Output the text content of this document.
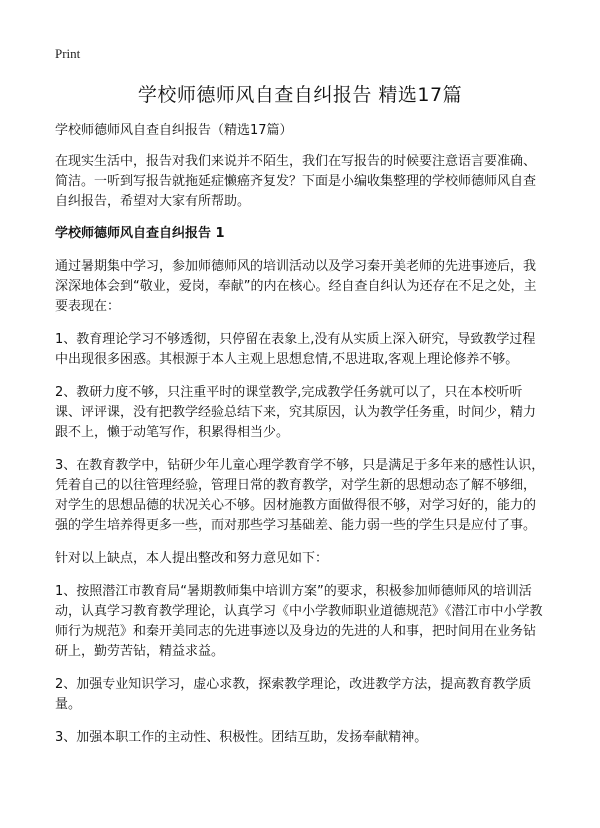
Print
学校师德师风自查自纠报告 精选17篇

学校师德师风自查自纠报告（精选17篇）

在现实生活中，报告对我们来说并不陌生，我们在写报告的时候要注意语言要准确、简洁。一听到写报告就拖延症懒癌齐复发？下面是小编收集整理的学校师德师风自查自纠报告，希望对大家有所帮助。

学校师德师风自查自纠报告 1

通过暑期集中学习，参加师德师风的培训活动以及学习秦开美老师的先进事迹后，我深深地体会到“敬业，爱岗，奉献”的内在核心。经自查自纠认为还存在不足之处，主要表现在：

1、教育理论学习不够透彻，只停留在表象上,没有从实质上深入研究，导致教学过程中出现很多困惑。其根源于本人主观上思想怠情,不思进取,客观上理论修养不够。

2、教研力度不够，只注重平时的课堂教学,完成教学任务就可以了，只在本校听听课、评评课，没有把教学经验总结下来，究其原因，认为教学任务重，时间少，精力跟不上，懒于动笔写作，积累得相当少。

3、在教育教学中，钻研少年儿童心理学教育学不够，只是满足于多年来的感性认识，凭着自己的以往管理经验，管理日常的教育教学，对学生新的思想动态了解不够细，对学生的思想品德的状况关心不够。因材施教方面做得很不够，对学习好的，能力的 强的学生培养得更多一些，而对那些学习基础差、能力弱一些的学生只是应付了事。

针对以上缺点，本人提出整改和努力意见如下：

1、按照潜江市教育局“暑期教师集中培训方案”的要求，积极参加师德师风的培训活动，认真学习教育教学理论，认真学习《中小学教师职业道德规范》《潜江市中小学教师行为规范》和秦开美同志的先进事迹以及身边的先进的人和事，把时间用在业务钻研上，勤劳苦钻，精益求益。

2、加强专业知识学习，虚心求教，探索教学理论，改进教学方法，提高教育教学质量。

3、加强本职工作的主动性、积极性。团结互助，发扬奉献精神。
